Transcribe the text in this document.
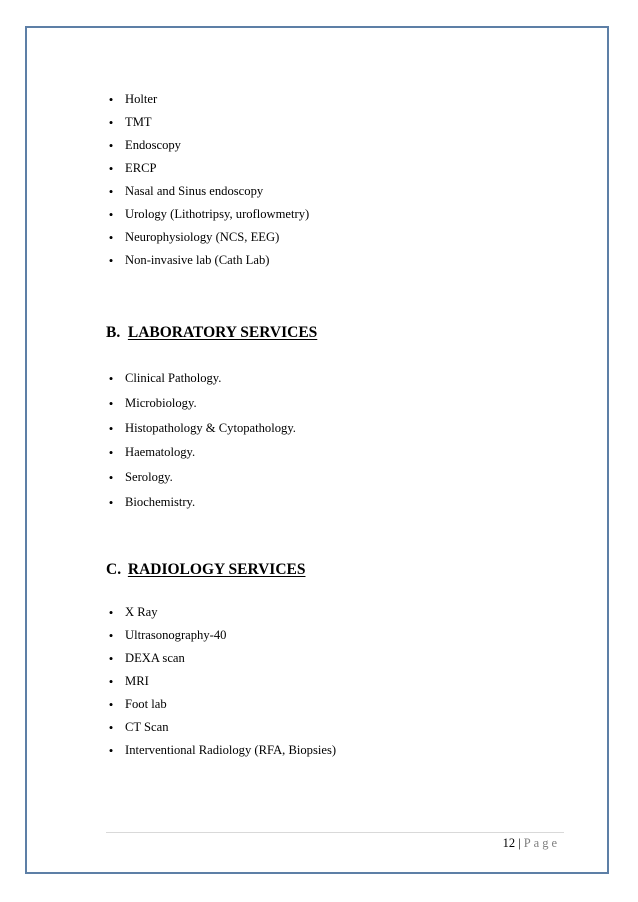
• Holter
• TMT
• Endoscopy
• ERCP
• Nasal and Sinus endoscopy
• Urology (Lithotripsy, uroflowmetry)
• Neurophysiology (NCS, EEG)
• Non-invasive lab (Cath Lab)
B. LABORATORY SERVICES
• Clinical Pathology.
• Microbiology.
• Histopathology & Cytopathology.
• Haematology.
• Serology.
• Biochemistry.
C. RADIOLOGY SERVICES
• X Ray
• Ultrasonography-40
• DEXA scan
• MRI
• Foot lab
• CT Scan
• Interventional Radiology (RFA, Biopsies)
12 | Page
